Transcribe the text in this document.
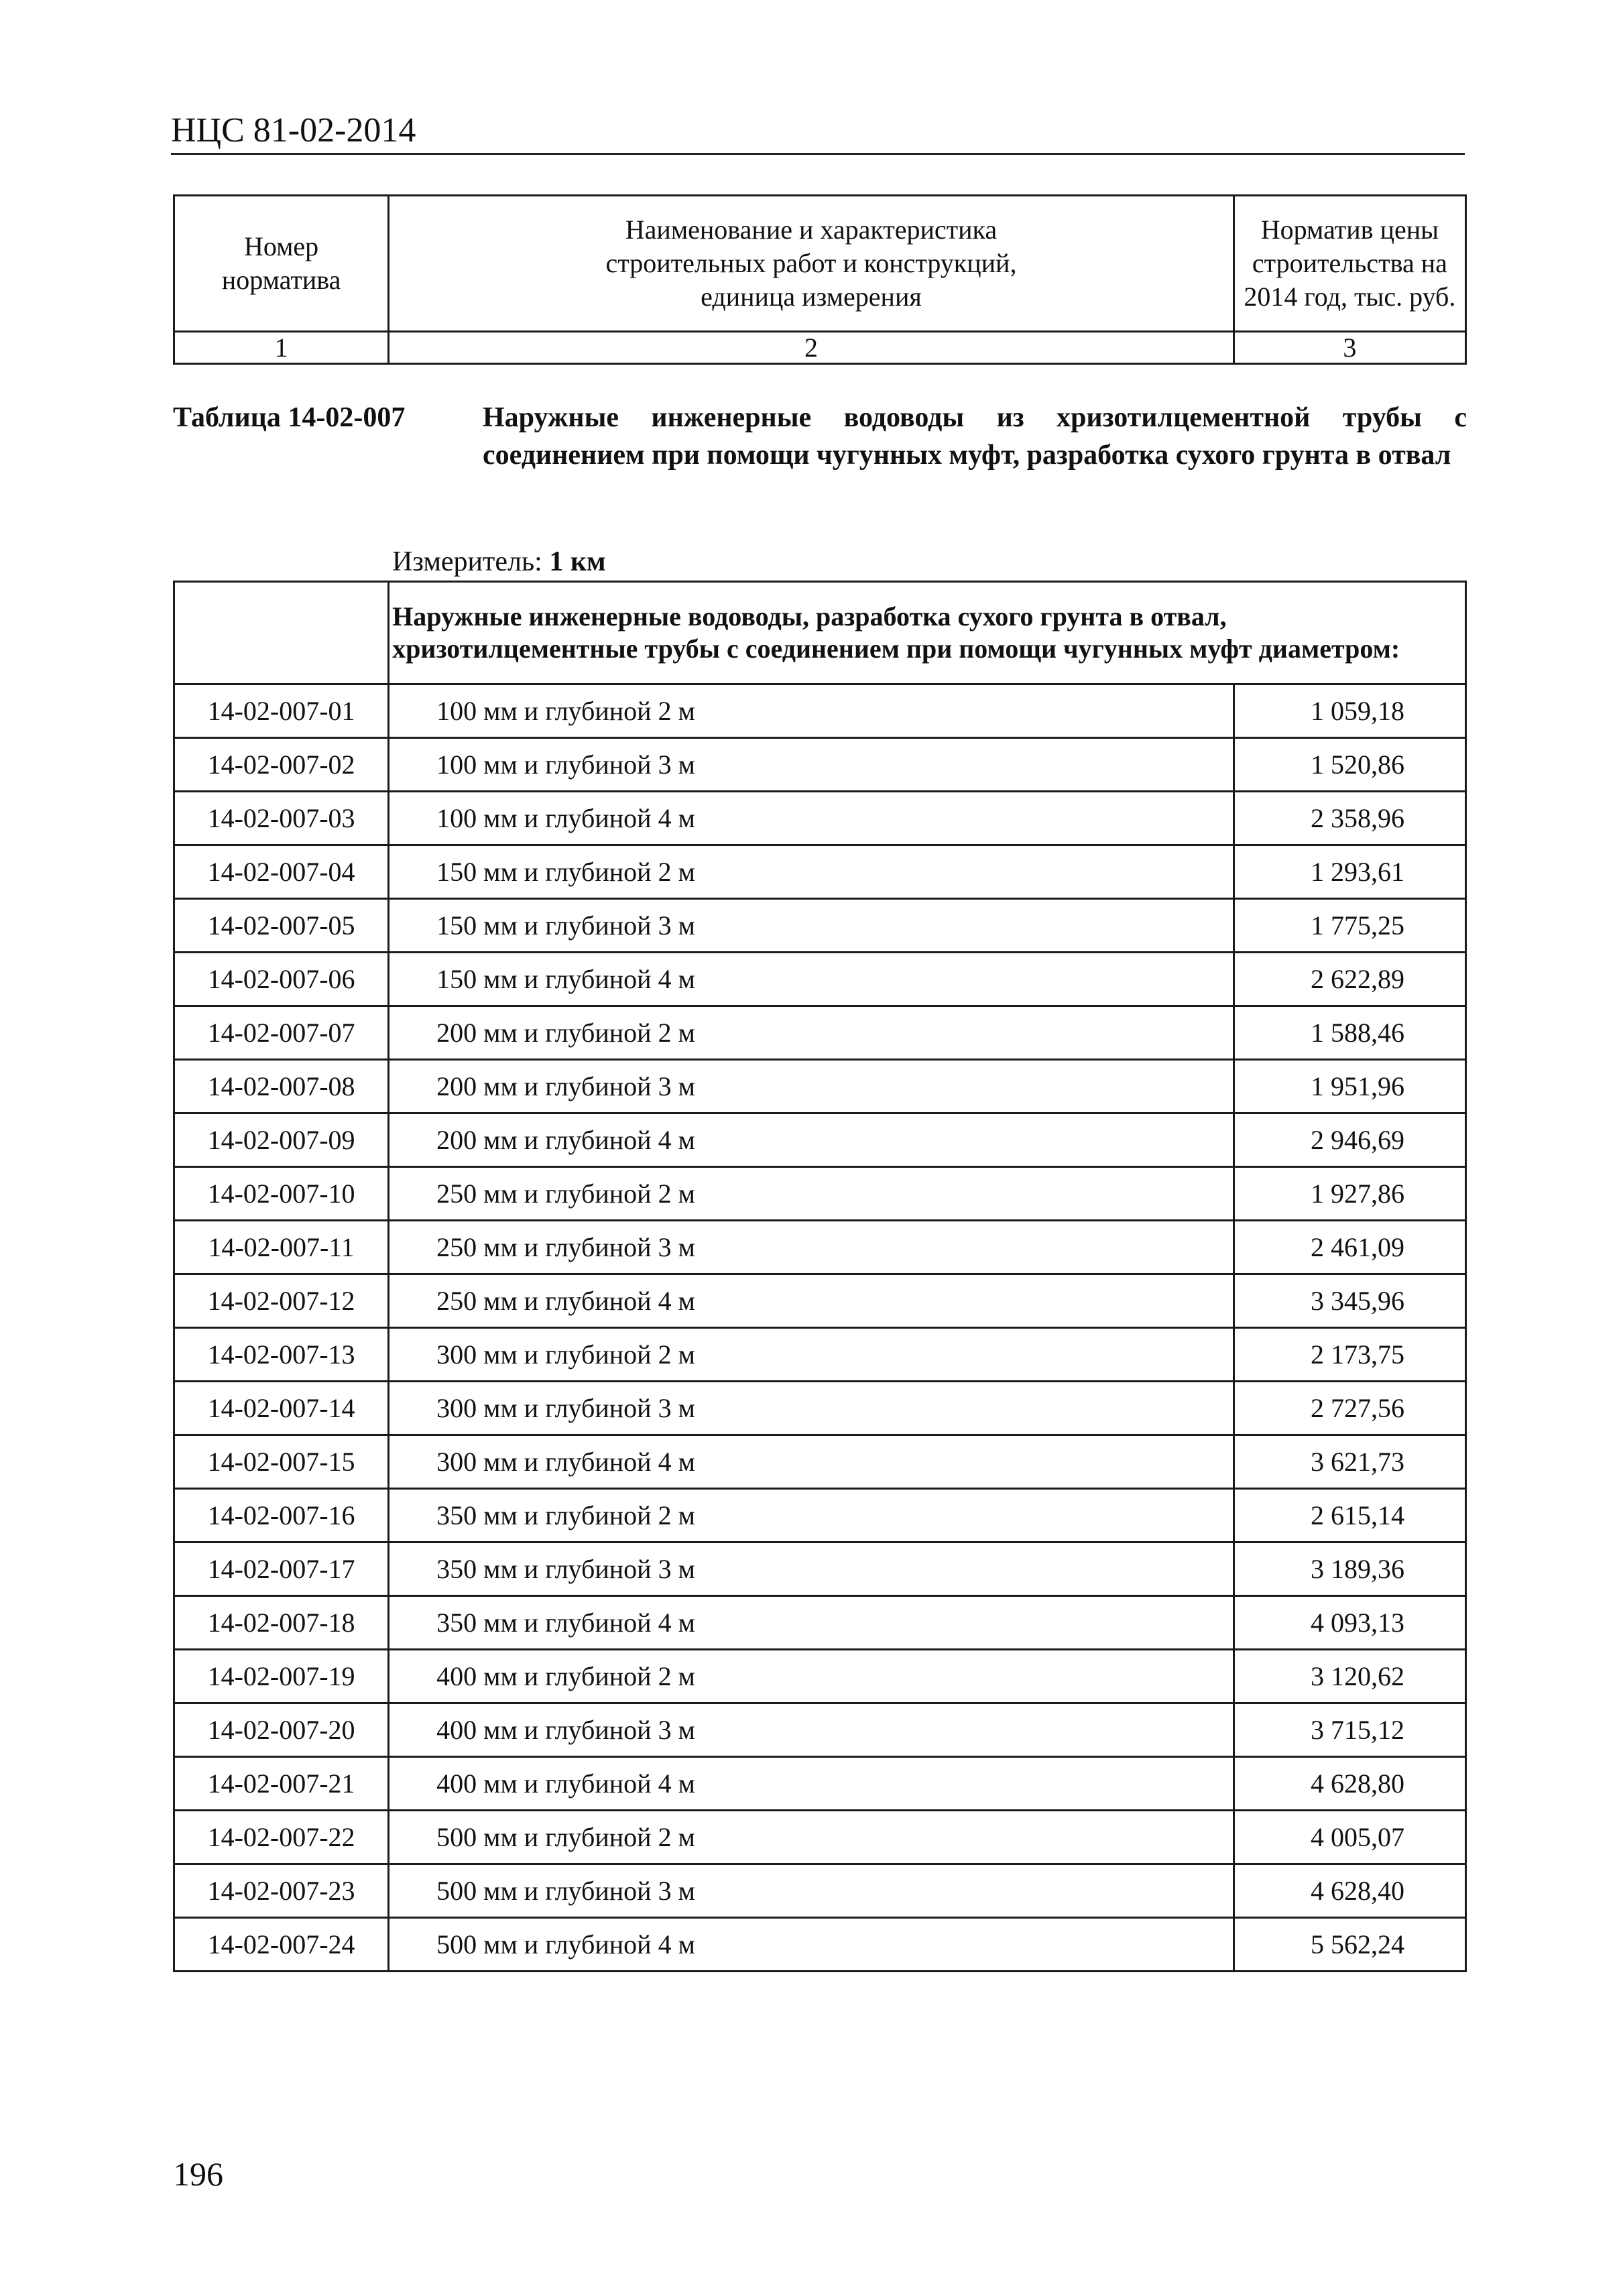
НЦС 81-02-2014
Номер норматива	Наименование и характеристика строительных работ и конструкций, единица измерения	Норматив цены строительства на 2014 год, тыс. руб.

1	2	3
Таблица 14-02-007	Наружные инженерные водоводы из хризотилцементной трубы с соединением при помощи чугунных муфт, разработка сухого грунта в отвал
Измеритель: 1 км
	Наружные инженерные водоводы, разработка сухого грунта в отвал, хризотилцементные трубы с соединением при помощи чугунных муфт диаметром:	
14-02-007-01	100 мм и глубиной 2 м	1 059,18
14-02-007-02	100 мм и глубиной 3 м	1 520,86
14-02-007-03	100 мм и глубиной 4 м	2 358,96
14-02-007-04	150 мм и глубиной 2 м	1 293,61
14-02-007-05	150 мм и глубиной 3 м	1 775,25
14-02-007-06	150 мм и глубиной 4 м	2 622,89
14-02-007-07	200 мм и глубиной 2 м	1 588,46
14-02-007-08	200 мм и глубиной 3 м	1 951,96
14-02-007-09	200 мм и глубиной 4 м	2 946,69
14-02-007-10	250 мм и глубиной 2 м	1 927,86
14-02-007-11	250 мм и глубиной 3 м	2 461,09
14-02-007-12	250 мм и глубиной 4 м	3 345,96
14-02-007-13	300 мм и глубиной 2 м	2 173,75
14-02-007-14	300 мм и глубиной 3 м	2 727,56
14-02-007-15	300 мм и глубиной 4 м	3 621,73
14-02-007-16	350 мм и глубиной 2 м	2 615,14
14-02-007-17	350 мм и глубиной 3 м	3 189,36
14-02-007-18	350 мм и глубиной 4 м	4 093,13
14-02-007-19	400 мм и глубиной 2 м	3 120,62
14-02-007-20	400 мм и глубиной 3 м	3 715,12
14-02-007-21	400 мм и глубиной 4 м	4 628,80
14-02-007-22	500 мм и глубиной 2 м	4 005,07
14-02-007-23	500 мм и глубиной 3 м	4 628,40
14-02-007-24	500 мм и глубиной 4 м	5 562,24
196
